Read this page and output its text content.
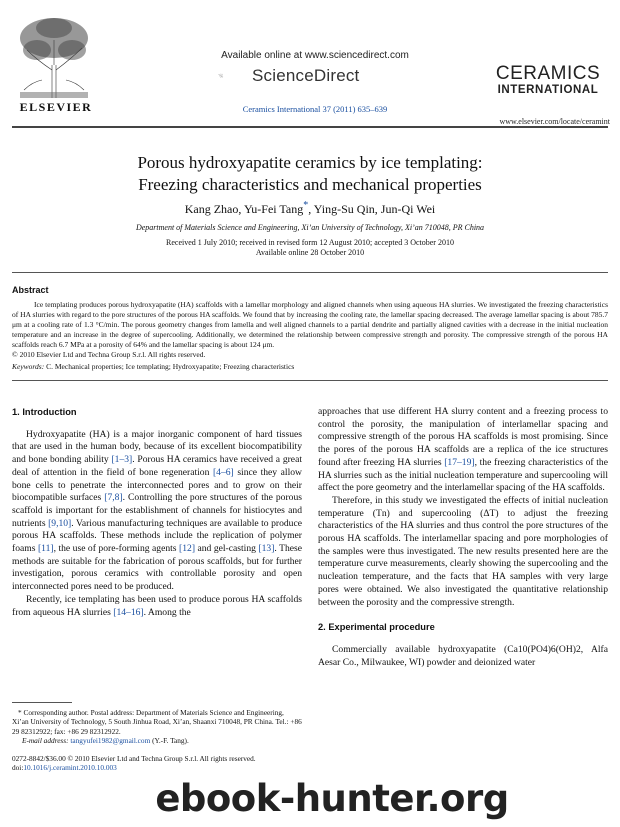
ELSEVIER
Available online at www.sciencedirect.com
ScienceDirect
Ceramics International 37 (2011) 635–639
CERAMICS
INTERNATIONAL
www.elsevier.com/locate/ceramint
Porous hydroxyapatite ceramics by ice templating:
Freezing characteristics and mechanical properties
Kang Zhao, Yu-Fei Tang*, Ying-Su Qin, Jun-Qi Wei
Department of Materials Science and Engineering, Xi’an University of Technology, Xi’an 710048, PR China
Received 1 July 2010; received in revised form 12 August 2010; accepted 3 October 2010
Available online 28 October 2010
Abstract
Ice templating produces porous hydroxyapatite (HA) scaffolds with a lamellar morphology and aligned channels when using aqueous HA slurries. We investigated the freezing characteristics of HA slurries with regard to the pore structures of the porous HA scaffolds. We found that by increasing the cooling rate, the lamellar spacing decreased. The average lamellar spacing is about 785.7 μm at a cooling rate of 1.3 °C/min. The porous geometry changes from lamella and well aligned channels to a partial dendrite and partially aligned cavities with a decrease in the initial nucleation temperature and an increase in the degree of supercooling. Additionally, we determined the relationship between compressive strength and porosity. The compressive strength of the porous HA scaffolds reach 6.7 MPa at a porosity of 64% and the lamellar spacing is about 124 μm.
© 2010 Elsevier Ltd and Techna Group S.r.l. All rights reserved.
Keywords: C. Mechanical properties; Ice templating; Hydroxyapatite; Freezing characteristics
1. Introduction

Hydroxyapatite (HA) is a major inorganic component of hard tissues that are used in the human body, because of its excellent biocompatibility and bone bonding ability [1–3]. Porous HA ceramics have received a great deal of attention in the field of bone regeneration [4–6] since they allow bone cells to penetrate the interconnected pores and to grow on their biocompatible surfaces [7,8]. Controlling the pore structures of the porous scaffold is important for the establishment of channels for histiocytes and nutrients [9,10]. Various manufacturing techniques are available to produce porous HA scaffolds. These methods include the replication of polymer foams [11], the use of pore-forming agents [12] and gel-casting [13]. These methods are suitable for the fabrication of porous scaffolds, but for further investigation, porous ceramics with controllable porosity and open interconnected pores need to be produced.

Recently, ice templating has been used to produce porous HA scaffolds from aqueous HA slurries [14–16]. Among the

* Corresponding author. Postal address: Department of Materials Science and Engineering, Xi’an University of Technology, 5 South Jinhua Road, Xi’an, Shaanxi 710048, PR China. Tel.: +86 29 82312922; fax: +86 29 82312922.
E-mail address: tangyufei1982@gmail.com (Y.-F. Tang).
0272-8842/$36.00 © 2010 Elsevier Ltd and Techna Group S.r.l. All rights reserved.
doi:10.1016/j.ceramint.2010.10.003

approaches that use different HA slurry content and a freezing process to control the porosity, the manipulation of interlamellar spacing and compressive strength of the porous HA scaffolds is most promising. Since the pores of the porous HA scaffolds are a replica of the ice structures found after freezing HA slurries [17–19], the freezing characteristics of the HA slurries such as the initial nucleation temperature and supercooling will affect the pore geometry and the interlamellar spacing of the HA scaffolds.

Therefore, in this study we investigated the effects of initial nucleation temperature (Tn) and supercooling (ΔT) to adjust the freezing characteristics of the HA slurries and thus control the pore structures of the porous HA scaffolds. The interlamellar spacing and pore morphologies of the samples were thus investigated. The new results presented here are the temperature curve measurements, clearly showing the supercooling and the nucleation temperature, and the facts that HA samples with very large pores were obtained. We also investigated the quantitative relationship between the porosity and the compressive strength.

2. Experimental procedure

Commercially available hydroxyapatite (Ca10(PO4)6(OH)2, Alfa Aesar Co., Milwaukee, WI) powder and deionized water

ebook-hunter.org
